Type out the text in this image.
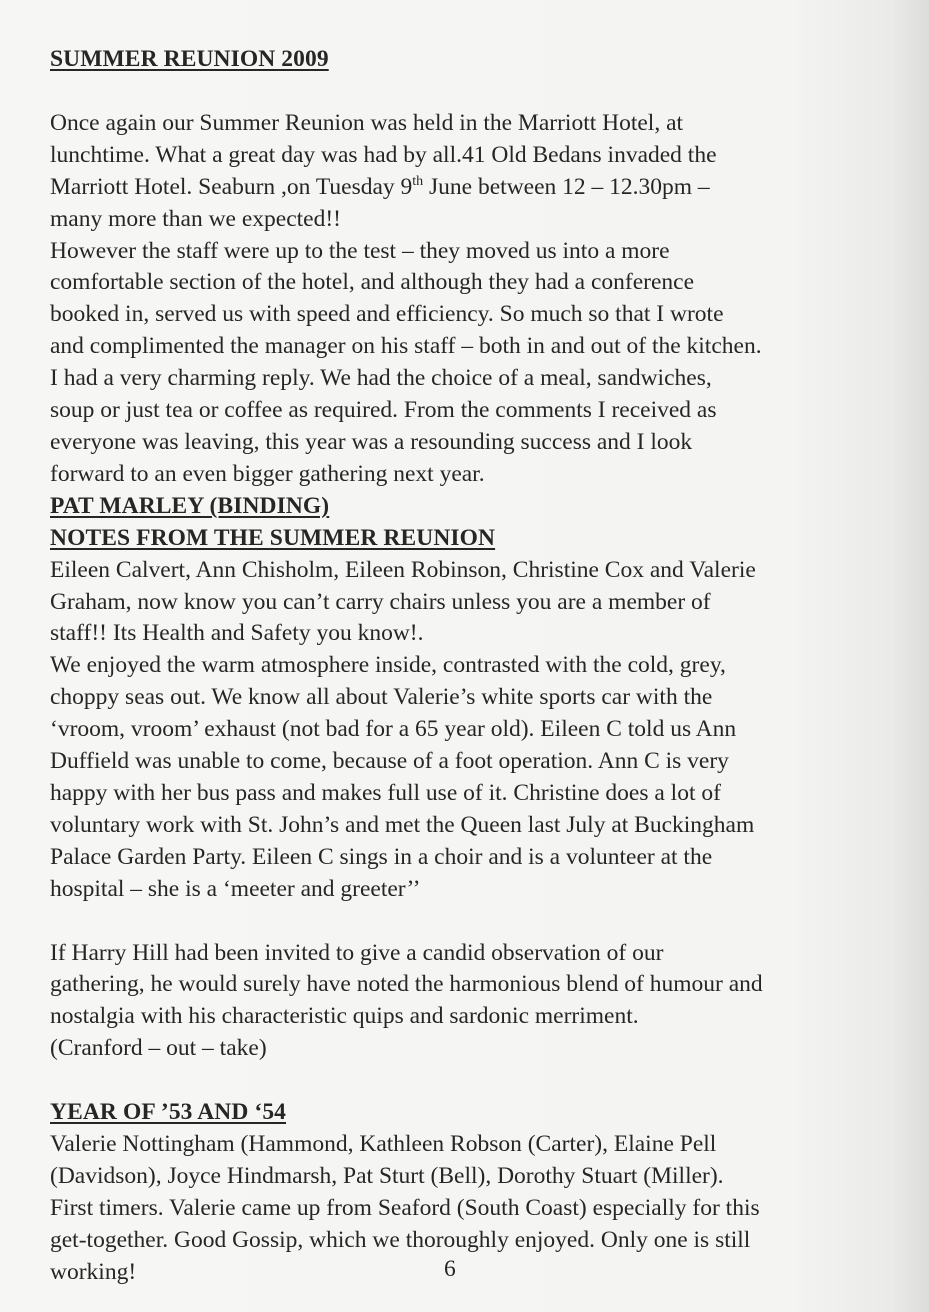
SUMMER REUNION 2009

Once again our Summer Reunion was held in the Marriott Hotel, at
lunchtime. What a great day was had by all.41 Old Bedans invaded the
Marriott Hotel. Seaburn ,on Tuesday 9th June between 12 – 12.30pm –
many more than we expected!!
However the staff were up to the test – they moved us into a more
comfortable section of the hotel, and although they had a conference
booked in, served us with speed and efficiency. So much so that I wrote
and complimented the manager on his staff – both in and out of the kitchen.
I had a very charming reply. We had the choice of a meal, sandwiches,
soup or just tea or coffee as required. From the comments I received as
everyone was leaving, this year was a resounding success and I look
forward to an even bigger gathering next year.

PAT MARLEY (BINDING)

NOTES FROM THE SUMMER REUNION

Eileen Calvert, Ann Chisholm, Eileen Robinson, Christine Cox and Valerie
Graham, now know you can’t carry chairs unless you are a member of
staff!! Its Health and Safety you know!.
We enjoyed the warm atmosphere inside, contrasted with the cold, grey,
choppy seas out. We know all about Valerie’s white sports car with the
‘vroom, vroom’ exhaust (not bad for a 65 year old). Eileen C told us Ann
Duffield was unable to come, because of a foot operation. Ann C is very
happy with her bus pass and makes full use of it. Christine does a lot of
voluntary work with St. John’s and met the Queen last July at Buckingham
Palace Garden Party. Eileen C sings in a choir and is a volunteer at the
hospital – she is a ‘meeter and greeter’’

If Harry Hill had been invited to give a candid observation of our
gathering, he would surely have noted the harmonious blend of humour and
nostalgia with his characteristic quips and sardonic merriment.
(Cranford – out – take)

YEAR OF ’53 AND ‘54

Valerie Nottingham (Hammond, Kathleen Robson (Carter), Elaine Pell
(Davidson), Joyce Hindmarsh, Pat Sturt (Bell), Dorothy Stuart (Miller).
First timers. Valerie came up from Seaford (South Coast) especially for this
get-together. Good Gossip, which we thoroughly enjoyed. Only one is still
working!	6
